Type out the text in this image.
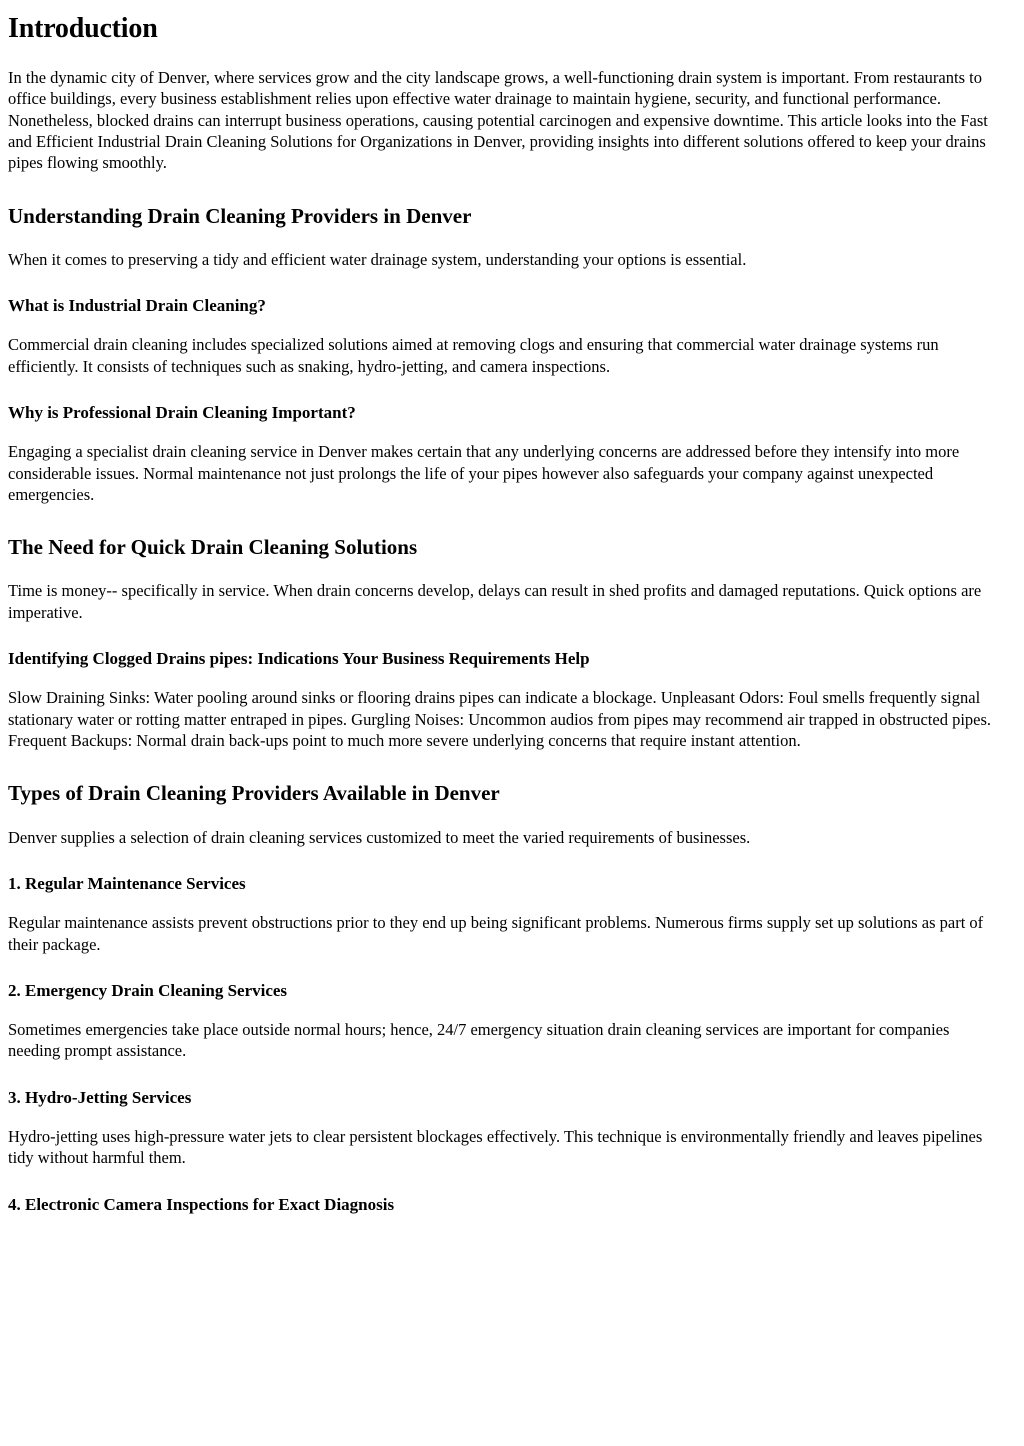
Introduction

In the dynamic city of Denver, where services grow and the city landscape grows, a well-functioning drain system is important. From restaurants to office buildings, every business establishment relies upon effective water drainage to maintain hygiene, security, and functional performance. Nonetheless, blocked drains can interrupt business operations, causing potential carcinogen and expensive downtime. This article looks into the Fast and Efficient Industrial Drain Cleaning Solutions for Organizations in Denver, providing insights into different solutions offered to keep your drains pipes flowing smoothly.

Understanding Drain Cleaning Providers in Denver

When it comes to preserving a tidy and efficient water drainage system, understanding your options is essential.

What is Industrial Drain Cleaning?

Commercial drain cleaning includes specialized solutions aimed at removing clogs and ensuring that commercial water drainage systems run efficiently. It consists of techniques such as snaking, hydro-jetting, and camera inspections.

Why is Professional Drain Cleaning Important?

Engaging a specialist drain cleaning service in Denver makes certain that any underlying concerns are addressed before they intensify into more considerable issues. Normal maintenance not just prolongs the life of your pipes however also safeguards your company against unexpected emergencies.

The Need for Quick Drain Cleaning Solutions

Time is money-- specifically in service. When drain concerns develop, delays can result in shed profits and damaged reputations. Quick options are imperative.

Identifying Clogged Drains pipes: Indications Your Business Requirements Help

Slow Draining Sinks: Water pooling around sinks or flooring drains pipes can indicate a blockage. Unpleasant Odors: Foul smells frequently signal stationary water or rotting matter entraped in pipes. Gurgling Noises: Uncommon audios from pipes may recommend air trapped in obstructed pipes. Frequent Backups: Normal drain back-ups point to much more severe underlying concerns that require instant attention.

Types of Drain Cleaning Providers Available in Denver

Denver supplies a selection of drain cleaning services customized to meet the varied requirements of businesses.

1. Regular Maintenance Services

Regular maintenance assists prevent obstructions prior to they end up being significant problems. Numerous firms supply set up solutions as part of their package.

2. Emergency Drain Cleaning Services

Sometimes emergencies take place outside normal hours; hence, 24/7 emergency situation drain cleaning services are important for companies needing prompt assistance.

3. Hydro-Jetting Services

Hydro-jetting uses high-pressure water jets to clear persistent blockages effectively. This technique is environmentally friendly and leaves pipelines tidy without harmful them.

4. Electronic Camera Inspections for Exact Diagnosis
